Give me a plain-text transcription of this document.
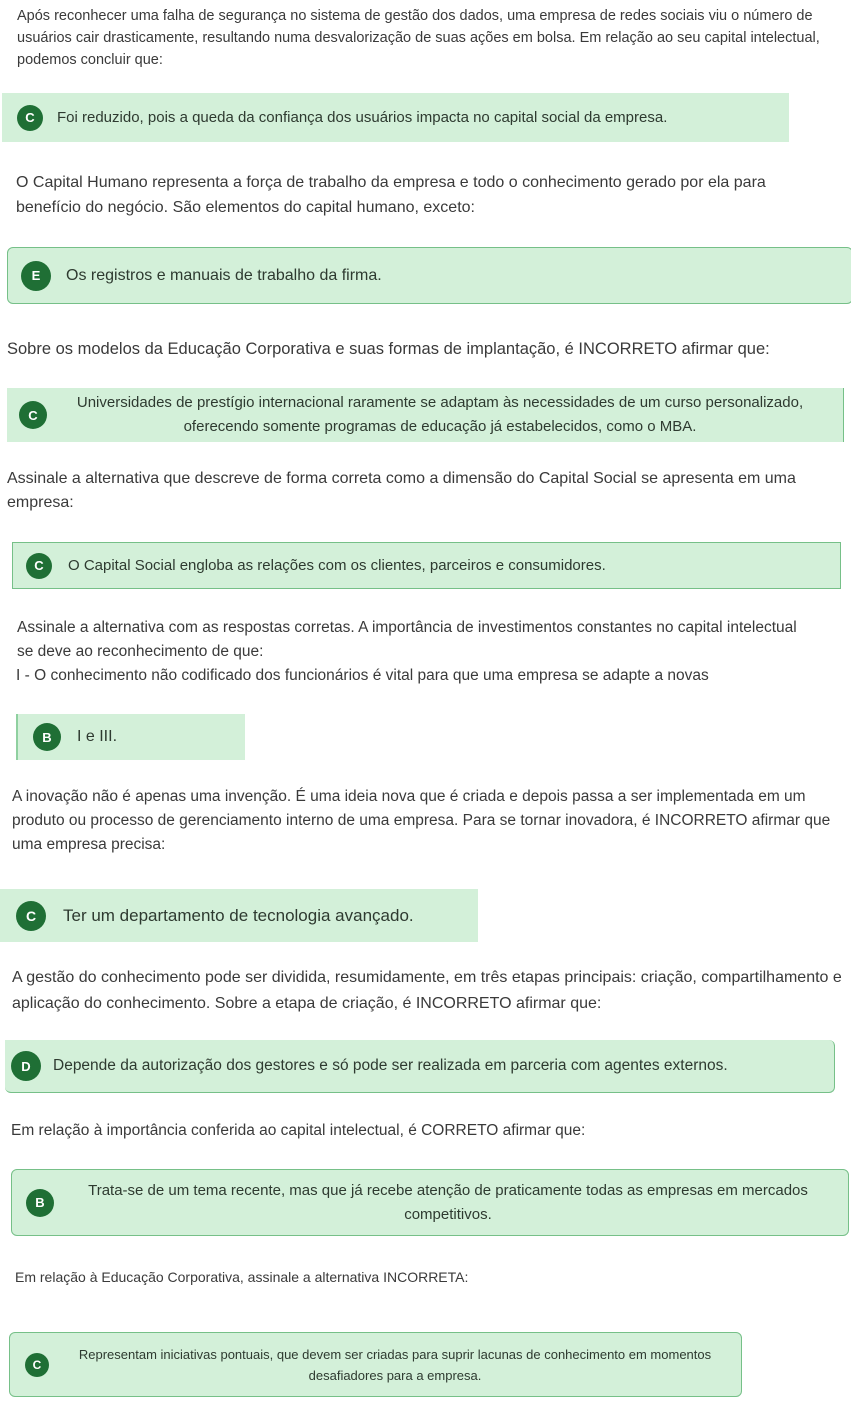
Após reconhecer uma falha de segurança no sistema de gestão dos dados, uma empresa de redes sociais viu o número de usuários cair drasticamente, resultando numa desvalorização de suas ações em bolsa. Em relação ao seu capital intelectual, podemos concluir que:

C	Foi reduzido, pois a queda da confiança dos usuários impacta no capital social da empresa.

O Capital Humano representa a força de trabalho da empresa e todo o conhecimento gerado por ela para benefício do negócio. São elementos do capital humano, exceto:

E	Os registros e manuais de trabalho da firma.

Sobre os modelos da Educação Corporativa e suas formas de implantação, é INCORRETO afirmar que:

C
Universidades de prestígio internacional raramente se adaptam às necessidades de um curso personalizado, oferecendo somente programas de educação já estabelecidos, como o MBA.

Assinale a alternativa que descreve de forma correta como a dimensão do Capital Social se apresenta em uma empresa:

C	O Capital Social engloba as relações com os clientes, parceiros e consumidores.

Assinale a alternativa com as respostas corretas. A importância de investimentos constantes no capital intelectual se deve ao reconhecimento de que:

I - O conhecimento não codificado dos funcionários é vital para que uma empresa se adapte a novas

B	I e III.

A inovação não é apenas uma invenção. É uma ideia nova que é criada e depois passa a ser implementada em um produto ou processo de gerenciamento interno de uma empresa. Para se tornar inovadora, é INCORRETO afirmar que uma empresa precisa:

C	Ter um departamento de tecnologia avançado.

A gestão do conhecimento pode ser dividida, resumidamente, em três etapas principais: criação, compartilhamento e aplicação do conhecimento. Sobre a etapa de criação, é INCORRETO afirmar que:

D	Depende da autorização dos gestores e só pode ser realizada em parceria com agentes externos.

Em relação à importância conferida ao capital intelectual, é CORRETO afirmar que:

B
Trata-se de um tema recente, mas que já recebe atenção de praticamente todas as empresas em mercados competitivos.

Em relação à Educação Corporativa, assinale a alternativa INCORRETA:

C
Representam iniciativas pontuais, que devem ser criadas para suprir lacunas de conhecimento em momentos desafiadores para a empresa.
